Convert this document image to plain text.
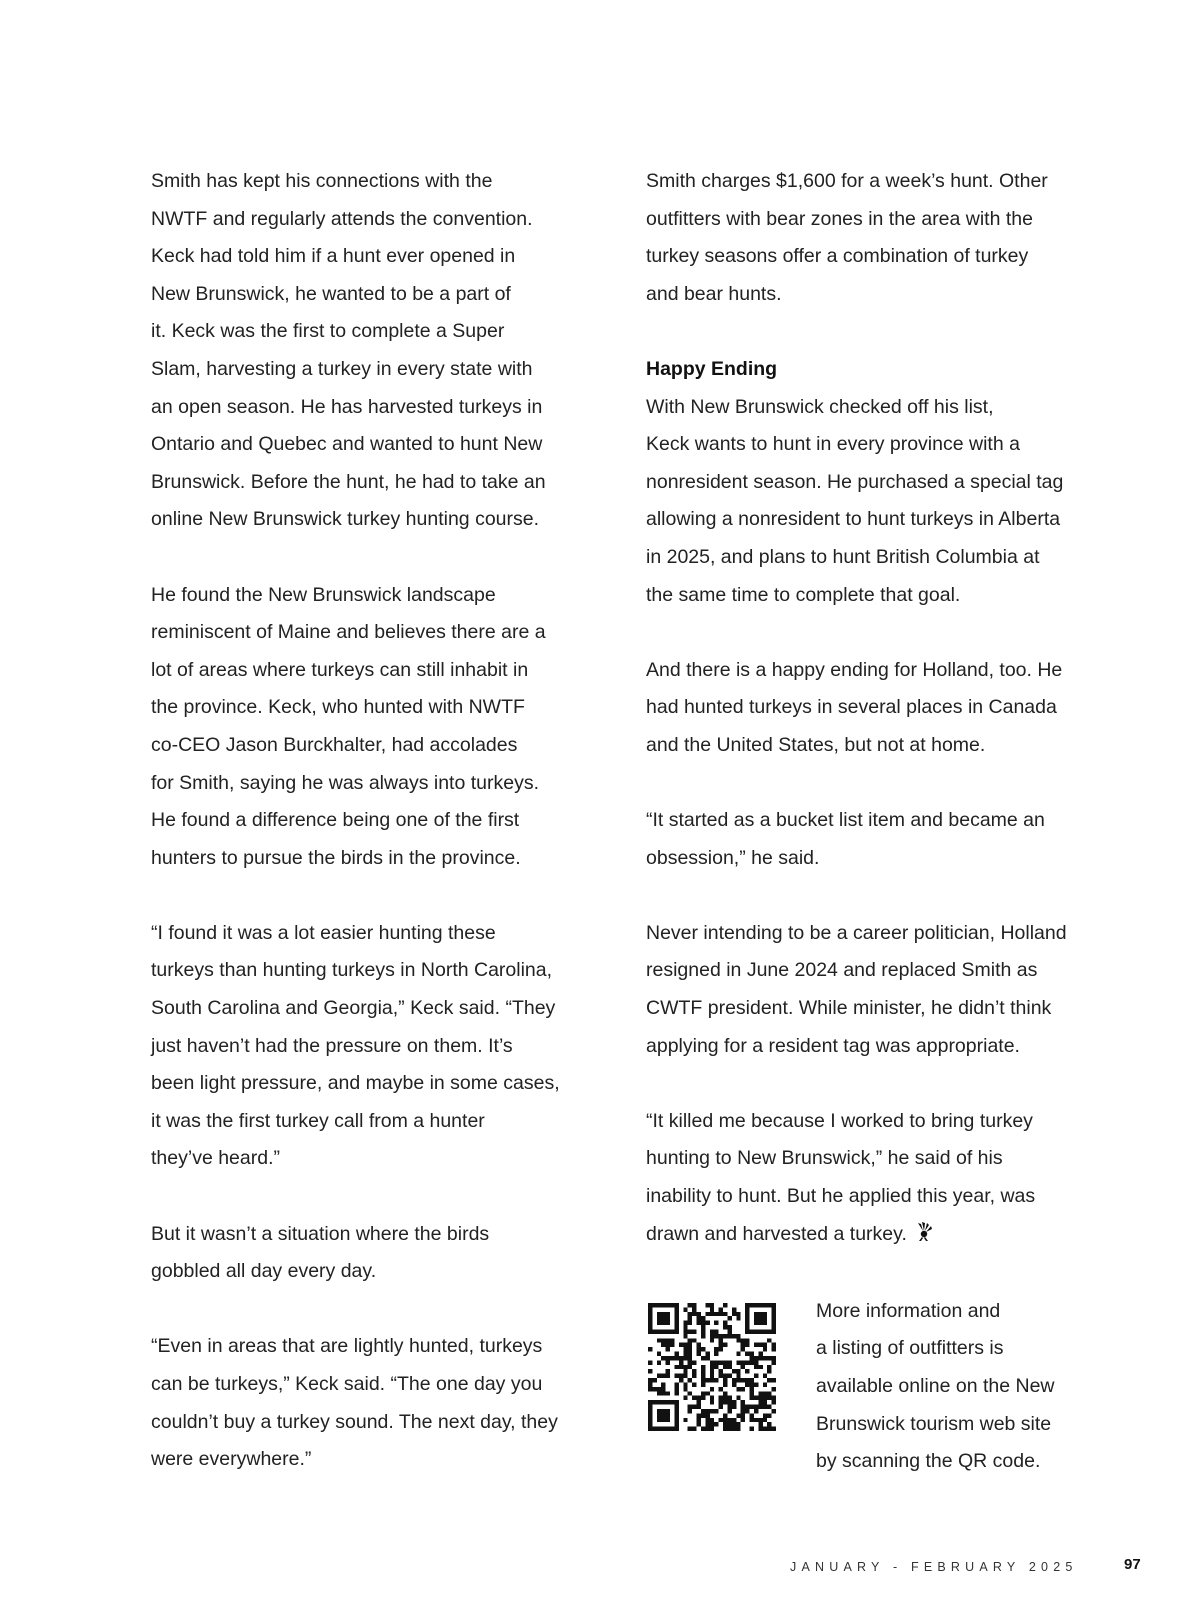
Smith has kept his connections with the
NWTF and regularly attends the convention.
Keck had told him if a hunt ever opened in
New Brunswick, he wanted to be a part of
it. Keck was the first to complete a Super
Slam, harvesting a turkey in every state with
an open season. He has harvested turkeys in
Ontario and Quebec and wanted to hunt New
Brunswick. Before the hunt, he had to take an
online New Brunswick turkey hunting course.

He found the New Brunswick landscape
reminiscent of Maine and believes there are a
lot of areas where turkeys can still inhabit in
the province. Keck, who hunted with NWTF
co-CEO Jason Burckhalter, had accolades
for Smith, saying he was always into turkeys.
He found a difference being one of the first
hunters to pursue the birds in the province.

“I found it was a lot easier hunting these
turkeys than hunting turkeys in North Carolina,
South Carolina and Georgia,” Keck said. “They
just haven’t had the pressure on them. It’s
been light pressure, and maybe in some cases,
it was the first turkey call from a hunter
they’ve heard.”

But it wasn’t a situation where the birds
gobbled all day every day.

“Even in areas that are lightly hunted, turkeys
can be turkeys,” Keck said. “The one day you
couldn’t buy a turkey sound. The next day, they
were everywhere.”

Smith charges $1,600 for a week’s hunt. Other
outfitters with bear zones in the area with the
turkey seasons offer a combination of turkey
and bear hunts.

Happy Ending
With New Brunswick checked off his list,
Keck wants to hunt in every province with a
nonresident season. He purchased a special tag
allowing a nonresident to hunt turkeys in Alberta
in 2025, and plans to hunt British Columbia at
the same time to complete that goal.

And there is a happy ending for Holland, too. He
had hunted turkeys in several places in Canada
and the United States, but not at home.

“It started as a bucket list item and became an
obsession,” he said.

Never intending to be a career politician, Holland
resigned in June 2024 and replaced Smith as
CWTF president. While minister, he didn’t think
applying for a resident tag was appropriate.

“It killed me because I worked to bring turkey
hunting to New Brunswick,” he said of his
inability to hunt. But he applied this year, was
drawn and harvested a turkey.

More information and
a listing of outfitters is
available online on the New
Brunswick tourism web site
by scanning the QR code.
JANUARY - FEBRUARY 2025	97
